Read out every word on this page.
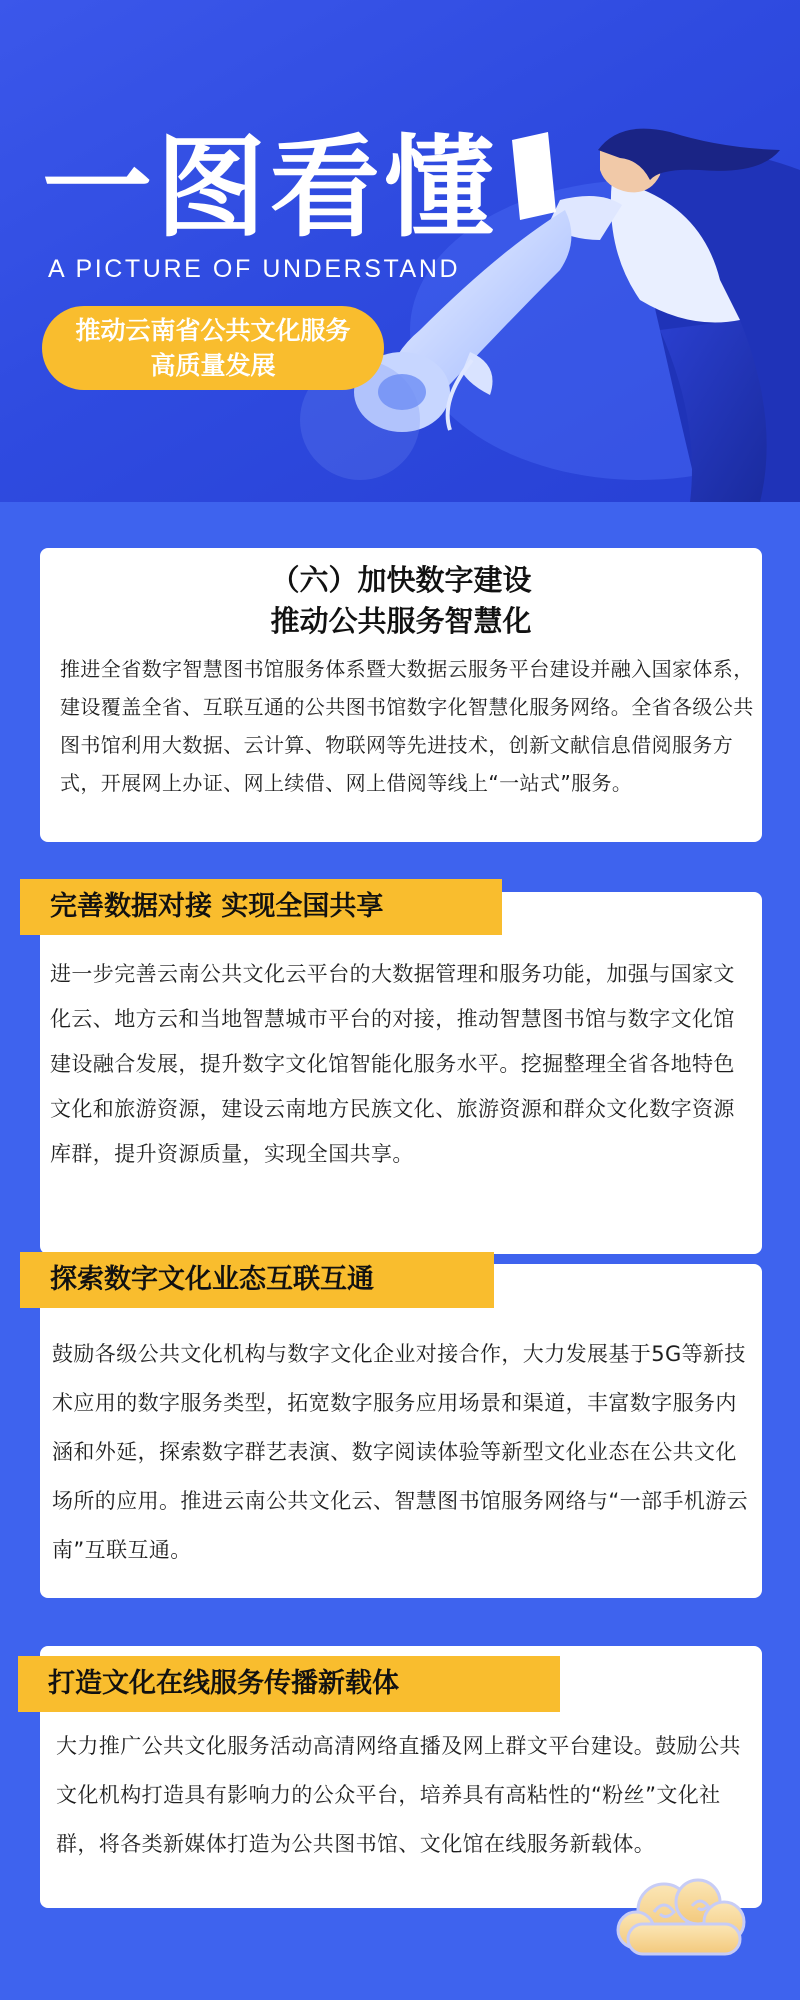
一图看懂

A PICTURE OF UNDERSTAND

推动云南省公共文化服务
高质量发展
（六）加快数字建设
推动公共服务智慧化

推进全省数字智慧图书馆服务体系暨大数据云服务平台建设并融入国家体系，建设覆盖全省、互联互通的公共图书馆数字化智慧化服务网络。全省各级公共图书馆利用大数据、云计算、物联网等先进技术，创新文献信息借阅服务方式，开展网上办证、网上续借、网上借阅等线上“一站式”服务。

完善数据对接 实现全国共享

进一步完善云南公共文化云平台的大数据管理和服务功能，加强与国家文化云、地方云和当地智慧城市平台的对接，推动智慧图书馆与数字文化馆建设融合发展，提升数字文化馆智能化服务水平。挖掘整理全省各地特色文化和旅游资源，建设云南地方民族文化、旅游资源和群众文化数字资源库群，提升资源质量，实现全国共享。

探索数字文化业态互联互通

鼓励各级公共文化机构与数字文化企业对接合作，大力发展基于5G等新技术应用的数字服务类型，拓宽数字服务应用场景和渠道，丰富数字服务内涵和外延，探索数字群艺表演、数字阅读体验等新型文化业态在公共文化场所的应用。推进云南公共文化云、智慧图书馆服务网络与“一部手机游云南”互联互通。

打造文化在线服务传播新载体

大力推广公共文化服务活动高清网络直播及网上群文平台建设。鼓励公共文化机构打造具有影响力的公众平台，培养具有高粘性的“粉丝”文化社群，将各类新媒体打造为公共图书馆、文化馆在线服务新载体。
